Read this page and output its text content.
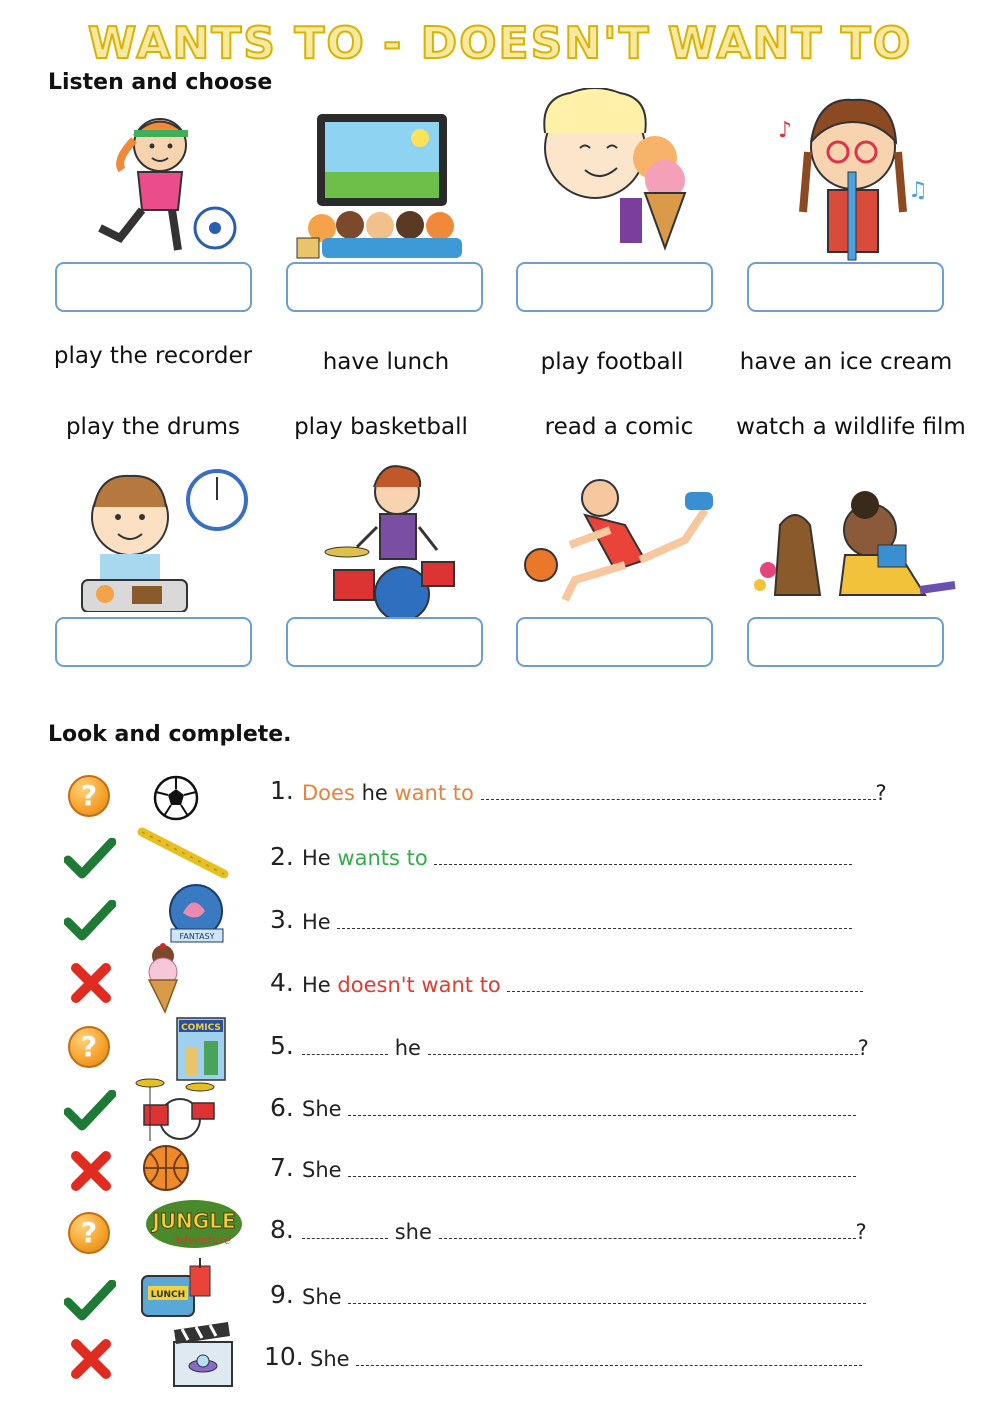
WANTS TO - DOESN'T WANT TO
Listen and choose
♪
♫
play the recorder	have lunch	play football	have an ice cream
play the drums	play basketball	read a comic	watch a wildlife film
Look and complete.
?	1. Does he want to	?
2. He wants to
FANTASY
3. He
4. He doesn't want to
?
COMICS
5.	he	?
6. She
7. She
?	JUNGLE
Adventure 8.	she	?
LUNCH	9. She
10. She
